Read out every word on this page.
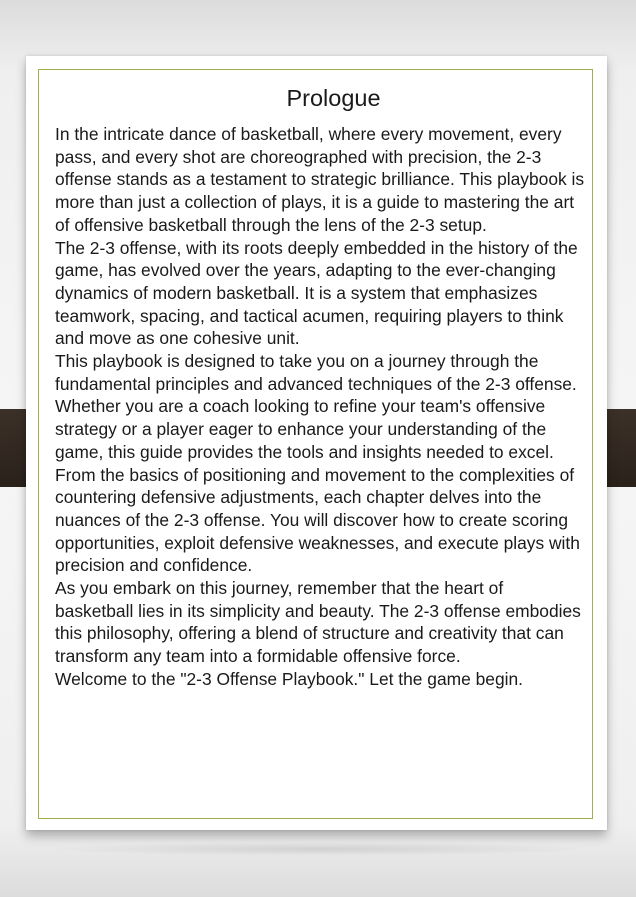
Prologue

In the intricate dance of basketball, where every movement, every pass, and every shot are choreographed with precision, the 2-3 offense stands as a testament to strategic brilliance. This playbook is more than just a collection of plays, it is a guide to mastering the art of offensive basketball through the lens of the 2-3 setup.

The 2-3 offense, with its roots deeply embedded in the history of the game, has evolved over the years, adapting to the ever-changing dynamics of modern basketball. It is a system that emphasizes teamwork, spacing, and tactical acumen, requiring players to think and move as one cohesive unit.

This playbook is designed to take you on a journey through the fundamental principles and advanced techniques of the 2-3 offense. Whether you are a coach looking to refine your team's offensive strategy or a player eager to enhance your understanding of the game, this guide provides the tools and insights needed to excel.

From the basics of positioning and movement to the complexities of countering defensive adjustments, each chapter delves into the nuances of the 2-3 offense. You will discover how to create scoring opportunities, exploit defensive weaknesses, and execute plays with precision and confidence.

As you embark on this journey, remember that the heart of basketball lies in its simplicity and beauty. The 2-3 offense embodies this philosophy, offering a blend of structure and creativity that can transform any team into a formidable offensive force.

Welcome to the "2-3 Offense Playbook." Let the game begin.
